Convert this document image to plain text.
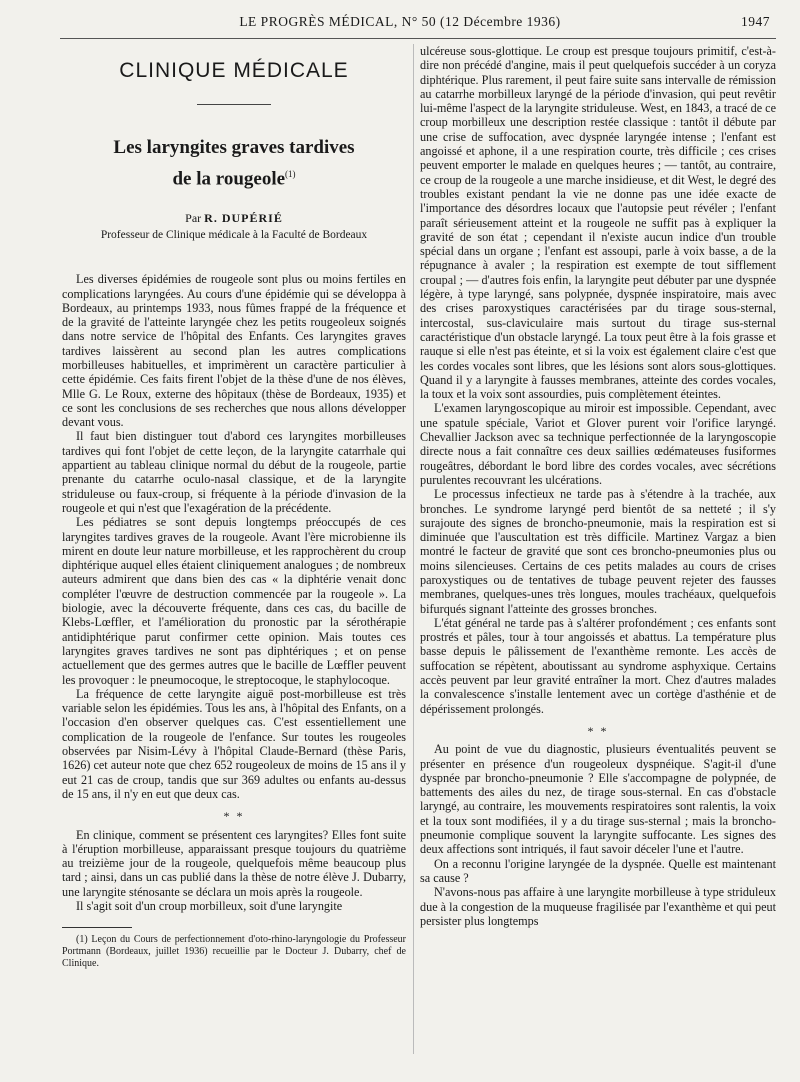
LE PROGRÈS MÉDICAL, N° 50 (12 Décembre 1936)	1947
CLINIQUE MÉDICALE
Les laryngites graves tardives
de la rougeole$^{(1)}$
Par R. DUPÉRIÉ
Professeur de Clinique médicale à la Faculté de Bordeaux

Les diverses épidémies de rougeole sont plus ou moins fertiles en complications laryngées. Au cours d'une épidémie qui se développa à Bordeaux, au printemps 1933, nous fûmes frappé de la fréquence et de la gravité de l'atteinte laryngée chez les petits rougeoleux soignés dans notre service de l'hôpital des Enfants. Ces laryngites graves tardives laissèrent au second plan les autres complications morbilleuses habituelles, et imprimèrent un caractère particulier à cette épidémie. Ces faits firent l'objet de la thèse d'une de nos élèves, Mlle G. Le Roux, externe des hôpitaux (thèse de Bordeaux, 1935) et ce sont les conclusions de ses recherches que nous allons développer devant vous.

Il faut bien distinguer tout d'abord ces laryngites morbilleuses tardives qui font l'objet de cette leçon, de la laryngite catarrhale qui appartient au tableau clinique normal du début de la rougeole, partie prenante du catarrhe oculo-nasal classique, et de la laryngite striduleuse ou faux-croup, si fréquente à la période d'invasion de la rougeole et qui n'est que l'exagération de la précédente.

Les pédiatres se sont depuis longtemps préoccupés de ces laryngites tardives graves de la rougeole. Avant l'ère microbienne ils mirent en doute leur nature morbilleuse, et les rapprochèrent du croup diphtérique auquel elles étaient cliniquement analogues ; de nombreux auteurs admirent que dans bien des cas « la diphtérie venait donc compléter l'œuvre de destruction commencée par la rougeole ». La biologie, avec la découverte fréquente, dans ces cas, du bacille de Klebs-Lœffler, et l'amélioration du pronostic par la sérothérapie antidiphtérique parut confirmer cette opinion. Mais toutes ces laryngites graves tardives ne sont pas diphtériques ; et on pense actuellement que des germes autres que le bacille de Lœffler peuvent les provoquer : le pneumocoque, le streptocoque, le staphylocoque.

La fréquence de cette laryngite aiguë post-morbilleuse est très variable selon les épidémies. Tous les ans, à l'hôpital des Enfants, on a l'occasion d'en observer quelques cas. C'est essentiellement une complication de la rougeole de l'enfance. Sur toutes les rougeoles observées par Nisim-Lévy à l'hôpital Claude-Bernard (thèse Paris, 1626) cet auteur note que chez 652 rougeoleux de moins de 15 ans il y eut 21 cas de croup, tandis que sur 369 adultes ou enfants au-dessus de 15 ans, il n'y en eut que deux cas.

* *

En clinique, comment se présentent ces laryngites? Elles font suite à l'éruption morbilleuse, apparaissant presque toujours du quatrième au treizième jour de la rougeole, quelquefois même beaucoup plus tard ; ainsi, dans un cas publié dans la thèse de notre élève J. Dubarry, une laryngite sténosante se déclara un mois après la rougeole.

Il s'agit soit d'un croup morbilleux, soit d'une laryngite

(1) Leçon du Cours de perfectionnement d'oto-rhino-laryngologie du Professeur Portmann (Bordeaux, juillet 1936) recueillie par le Docteur J. Dubarry, chef de Clinique.

ulcéreuse sous-glottique. Le croup est presque toujours primitif, c'est-à-dire non précédé d'angine, mais il peut quelquefois succéder à un coryza diphtérique. Plus rarement, il peut faire suite sans intervalle de rémission au catarrhe morbilleux laryngé de la période d'invasion, qui peut revêtir lui-même l'aspect de la laryngite striduleuse. West, en 1843, a tracé de ce croup morbilleux une description restée classique : tantôt il débute par une crise de suffocation, avec dyspnée laryngée intense ; l'enfant est angoissé et aphone, il a une respiration courte, très difficile ; ces crises peuvent emporter le malade en quelques heures ; — tantôt, au contraire, ce croup de la rougeole a une marche insidieuse, et dit West, le degré des troubles existant pendant la vie ne donne pas une idée exacte de l'importance des désordres locaux que l'autopsie peut révéler ; l'enfant paraît sérieusement atteint et la rougeole ne suffit pas à expliquer la gravité de son état ; cependant il n'existe aucun indice d'un trouble spécial dans un organe ; l'enfant est assoupi, parle à voix basse, a de la répugnance à avaler ; la respiration est exempte de tout sifflement croupal ; — d'autres fois enfin, la laryngite peut débuter par une dyspnée légère, à type laryngé, sans polypnée, dyspnée inspiratoire, mais avec des crises paroxystiques caractérisées par du tirage sous-sternal, intercostal, sus-claviculaire mais surtout du tirage sus-sternal caractéristique d'un obstacle laryngé. La toux peut être à la fois grasse et rauque si elle n'est pas éteinte, et si la voix est également claire c'est que les cordes vocales sont libres, que les lésions sont alors sous-glottiques. Quand il y a laryngite à fausses membranes, atteinte des cordes vocales, la toux et la voix sont assourdies, puis complètement éteintes.

L'examen laryngoscopique au miroir est impossible. Cependant, avec une spatule spéciale, Variot et Glover purent voir l'orifice laryngé. Chevallier Jackson avec sa technique perfectionnée de la laryngoscopie directe nous a fait connaître ces deux saillies œdémateuses fusiformes rougeâtres, débordant le bord libre des cordes vocales, avec sécrétions purulentes recouvrant les ulcérations.

Le processus infectieux ne tarde pas à s'étendre à la trachée, aux bronches. Le syndrome laryngé perd bientôt de sa netteté ; il s'y surajoute des signes de broncho-pneumonie, mais la respiration est si diminuée que l'auscultation est très difficile. Martinez Vargaz a bien montré le facteur de gravité que sont ces broncho-pneumonies plus ou moins silencieuses. Certains de ces petits malades au cours de crises paroxystiques ou de tentatives de tubage peuvent rejeter des fausses membranes, quelques-unes très longues, moules trachéaux, quelquefois bifurqués signant l'atteinte des grosses bronches.

L'état général ne tarde pas à s'altérer profondément ; ces enfants sont prostrés et pâles, tour à tour angoissés et abattus. La température plus basse depuis le pâlissement de l'exanthème remonte. Les accès de suffocation se répètent, aboutissant au syndrome asphyxique. Certains accès peuvent par leur gravité entraîner la mort. Chez d'autres malades la convalescence s'installe lentement avec un cortège d'asthénie et de dépérissement prolongés.

* *

Au point de vue du diagnostic, plusieurs éventualités peuvent se présenter en présence d'un rougeoleux dyspnéique. S'agit-il d'une dyspnée par broncho-pneumonie ? Elle s'accompagne de polypnée, de battements des ailes du nez, de tirage sous-sternal. En cas d'obstacle laryngé, au contraire, les mouvements respiratoires sont ralentis, la voix et la toux sont modifiées, il y a du tirage sus-sternal ; mais la broncho-pneumonie complique souvent la laryngite suffocante. Les signes des deux affections sont intriqués, il faut savoir déceler l'une et l'autre.

On a reconnu l'origine laryngée de la dyspnée. Quelle est maintenant sa cause ?

N'avons-nous pas affaire à une laryngite morbilleuse à type striduleux due à la congestion de la muqueuse fragilisée par l'exanthème et qui peut persister plus longtemps
